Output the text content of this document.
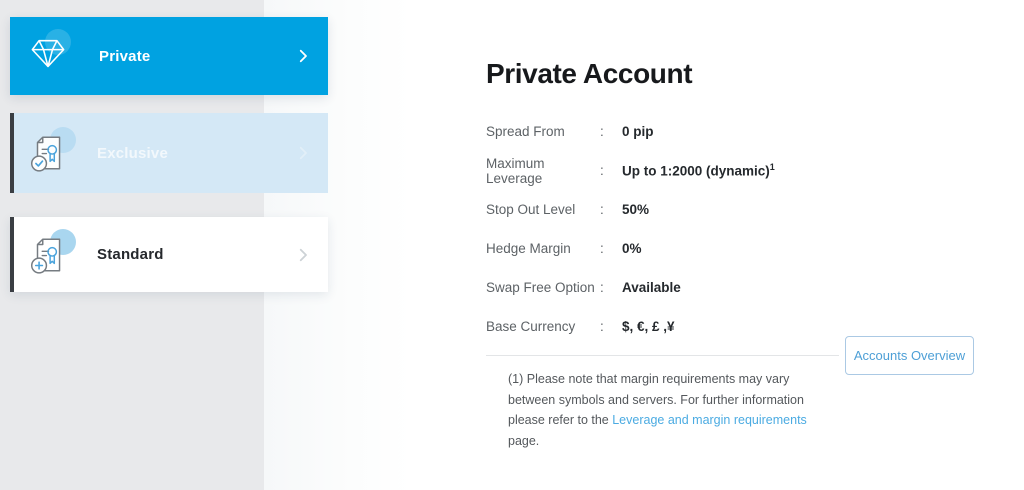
Private
Exclusive
Standard
Private Account
Spread From	:	0 pip
Maximum Leverage	:	Up to 1:2000 (dynamic)$^1$
Stop Out Level	:	50%
Hedge Margin	:	0%
Swap Free Option :	Available
Base Currency	:	$, €, £ ,¥

(1) Please note that margin requirements may vary between symbols and servers. For further information please refer to the Leverage and margin requirements page.

Accounts Overview
